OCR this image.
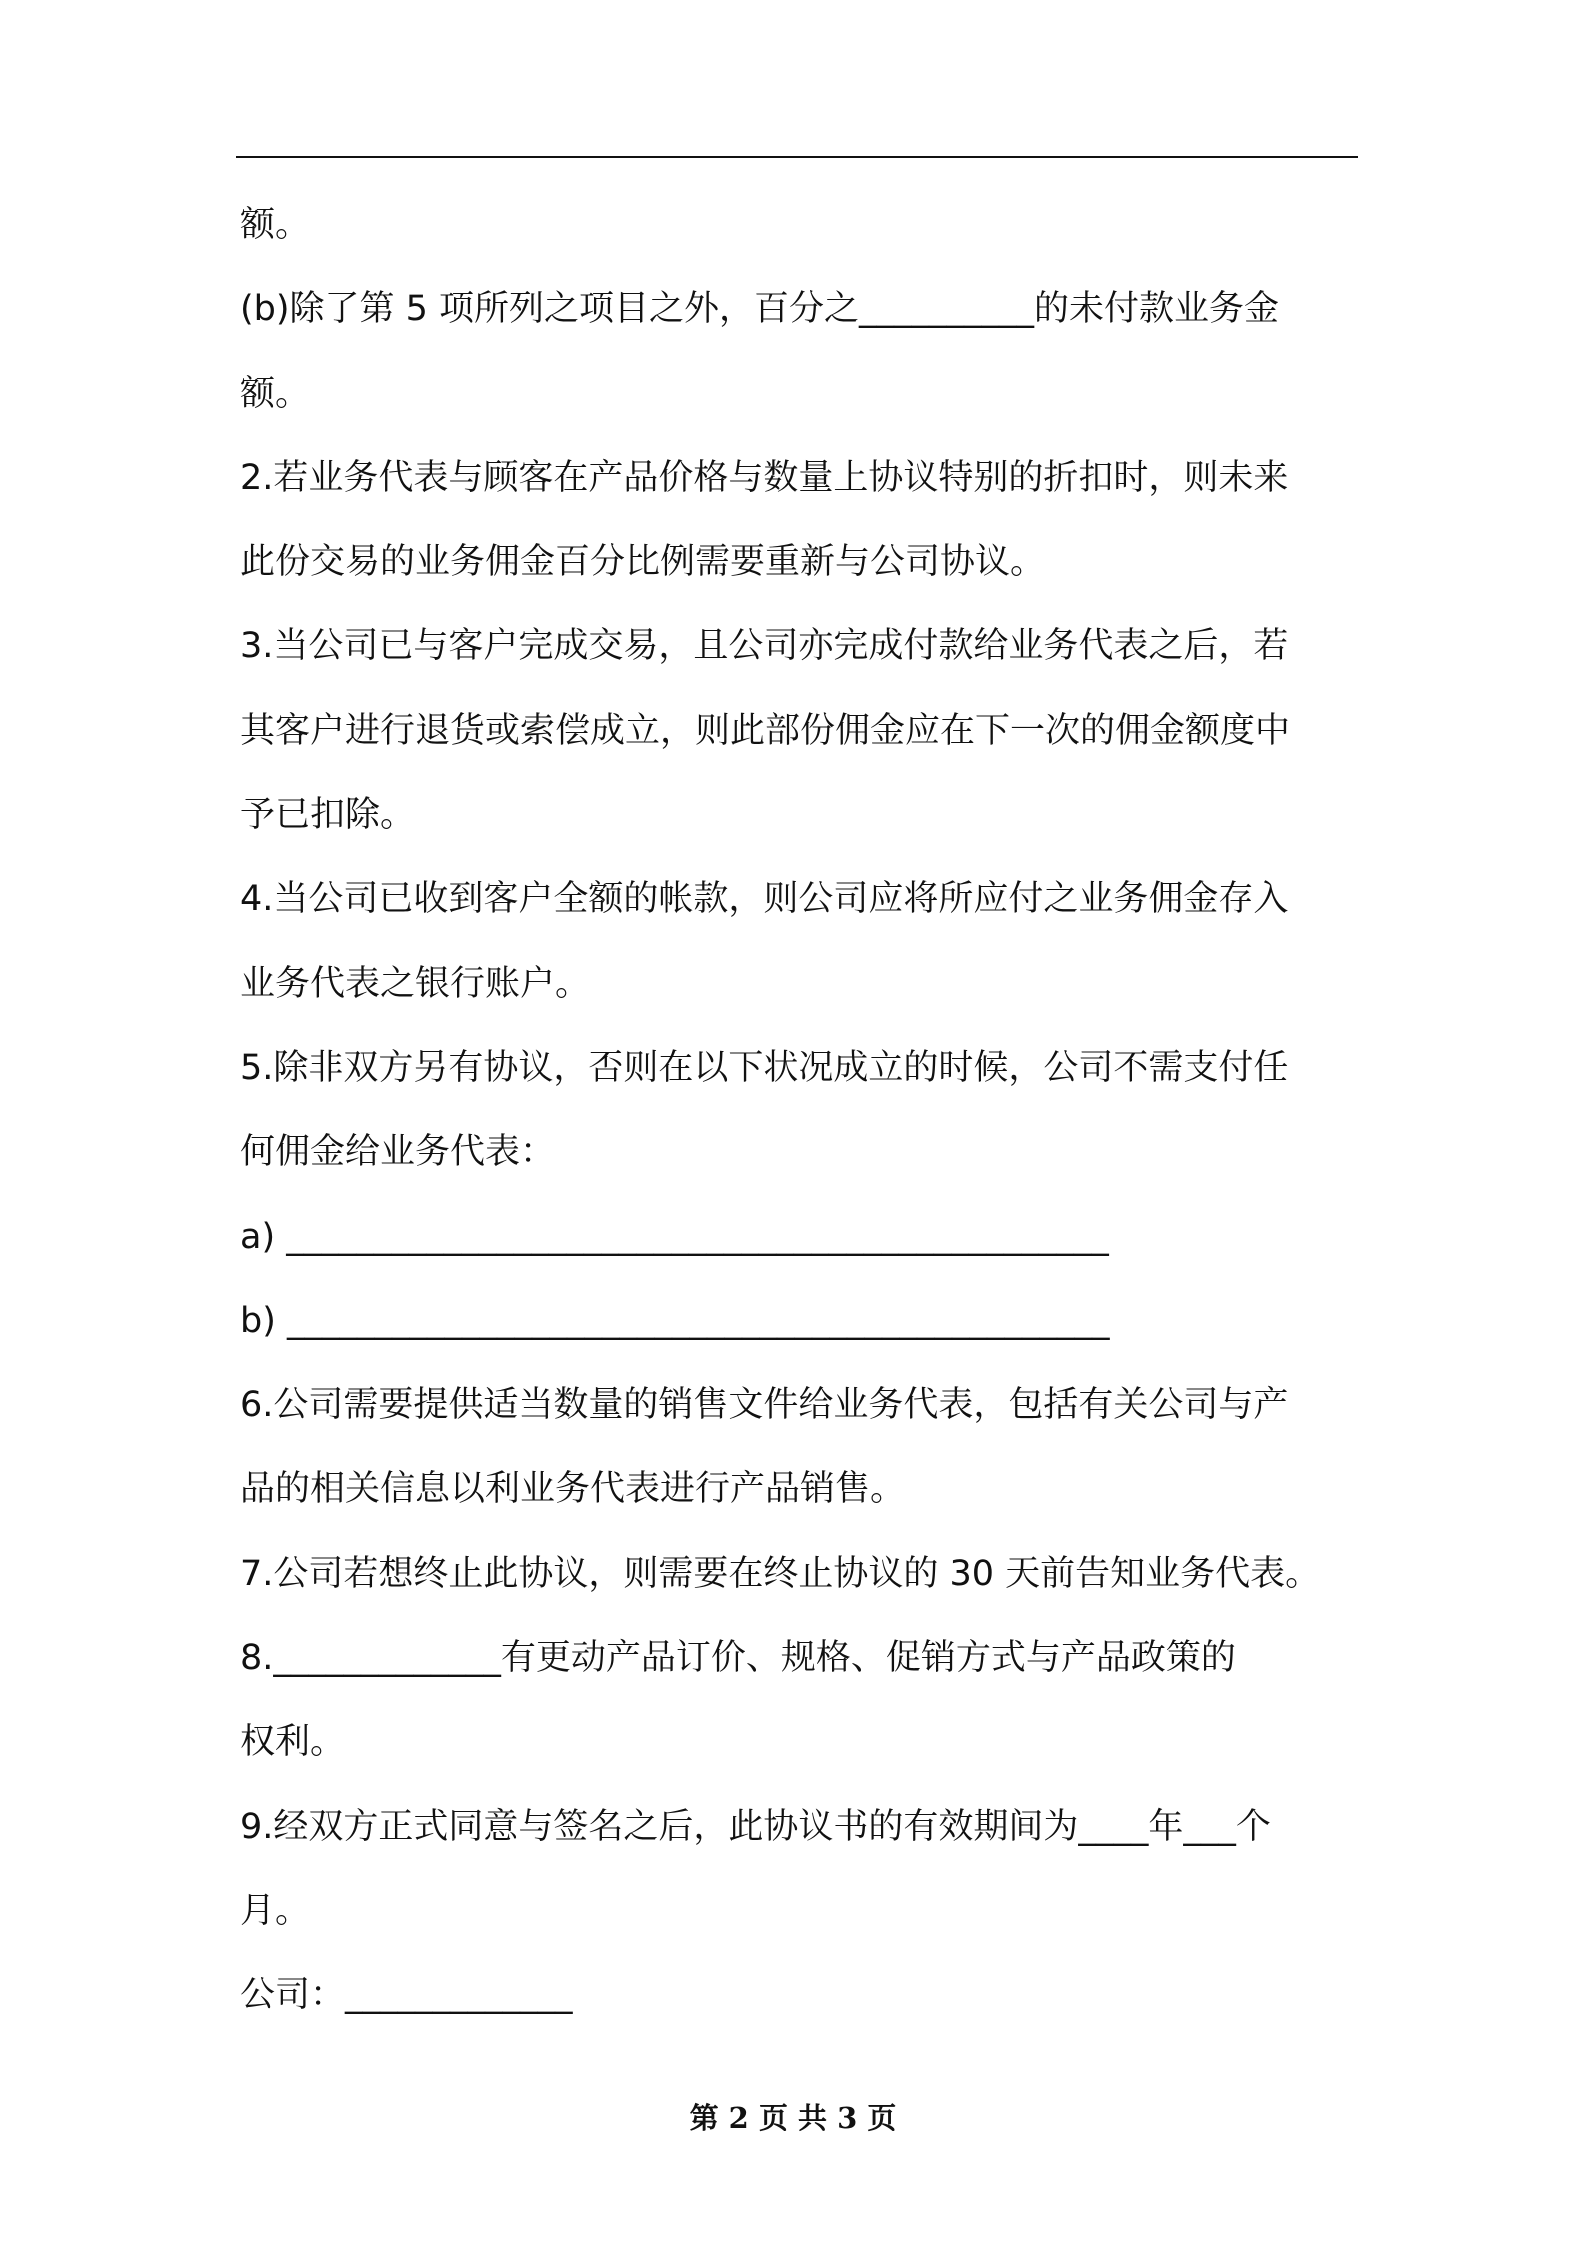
额。
(b)除了第 5 项所列之项目之外，百分之__________的未付款业务金
额。
2.若业务代表与顾客在产品价格与数量上协议特别的折扣时，则未来
此份交易的业务佣金百分比例需要重新与公司协议。
3.当公司已与客户完成交易，且公司亦完成付款给业务代表之后，若
其客户进行退货或索偿成立，则此部份佣金应在下一次的佣金额度中
予已扣除。
4.当公司已收到客户全额的帐款，则公司应将所应付之业务佣金存入
业务代表之银行账户。
5.除非双方另有协议，否则在以下状况成立的时候，公司不需支付任
何佣金给业务代表：
a) _______________________________________________
b) _______________________________________________
6.公司需要提供适当数量的销售文件给业务代表，包括有关公司与产
品的相关信息以利业务代表进行产品销售。
7.公司若想终止此协议，则需要在终止协议的 30 天前告知业务代表。
8._____________有更动产品订价、规格、促销方式与产品政策的
权利。
9.经双方正式同意与签名之后，此协议书的有效期间为____年___个
月。
公司：_____________
第 2 页 共 3 页
